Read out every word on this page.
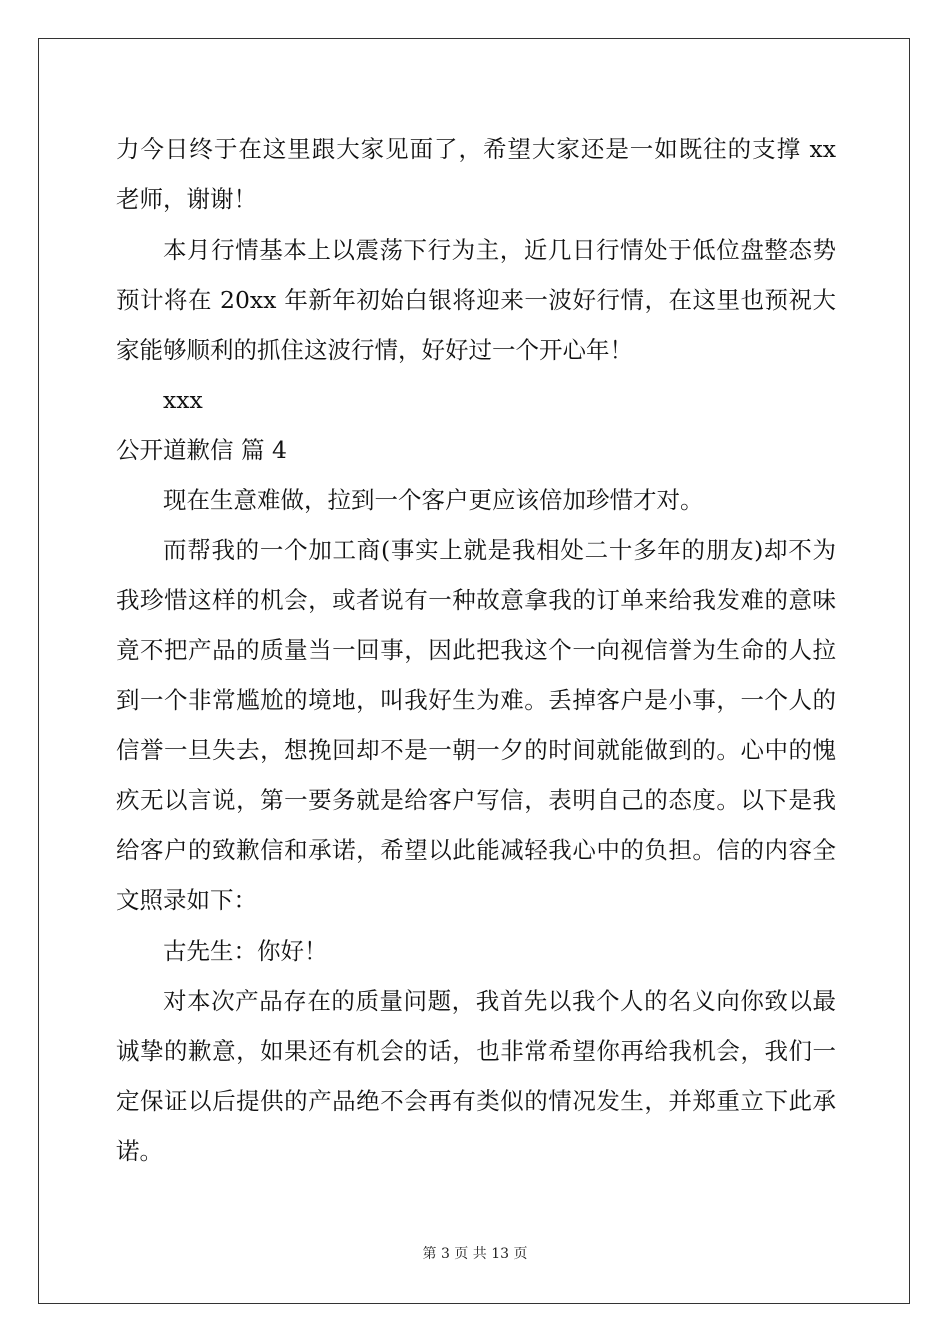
力今日终于在这里跟大家见面了，希望大家还是一如既往的支撑 xx
老师，谢谢！
本月行情基本上以震荡下行为主，近几日行情处于低位盘整态势
预计将在 20xx 年新年初始白银将迎来一波好行情，在这里也预祝大
家能够顺利的抓住这波行情，好好过一个开心年！
xxx
公开道歉信 篇 4
现在生意难做，拉到一个客户更应该倍加珍惜才对。
而帮我的一个加工商(事实上就是我相处二十多年的朋友)却不为
我珍惜这样的机会，或者说有一种故意拿我的订单来给我发难的意味
竟不把产品的质量当一回事，因此把我这个一向视信誉为生命的人拉
到一个非常尴尬的境地，叫我好生为难。丢掉客户是小事，一个人的
信誉一旦失去，想挽回却不是一朝一夕的时间就能做到的。心中的愧
疚无以言说，第一要务就是给客户写信，表明自己的态度。以下是我
给客户的致歉信和承诺，希望以此能减轻我心中的负担。信的内容全
文照录如下：
古先生：你好！
对本次产品存在的质量问题，我首先以我个人的名义向你致以最
诚挚的歉意，如果还有机会的话，也非常希望你再给我机会，我们一
定保证以后提供的产品绝不会再有类似的情况发生，并郑重立下此承
诺。
第 3 页 共 13 页
